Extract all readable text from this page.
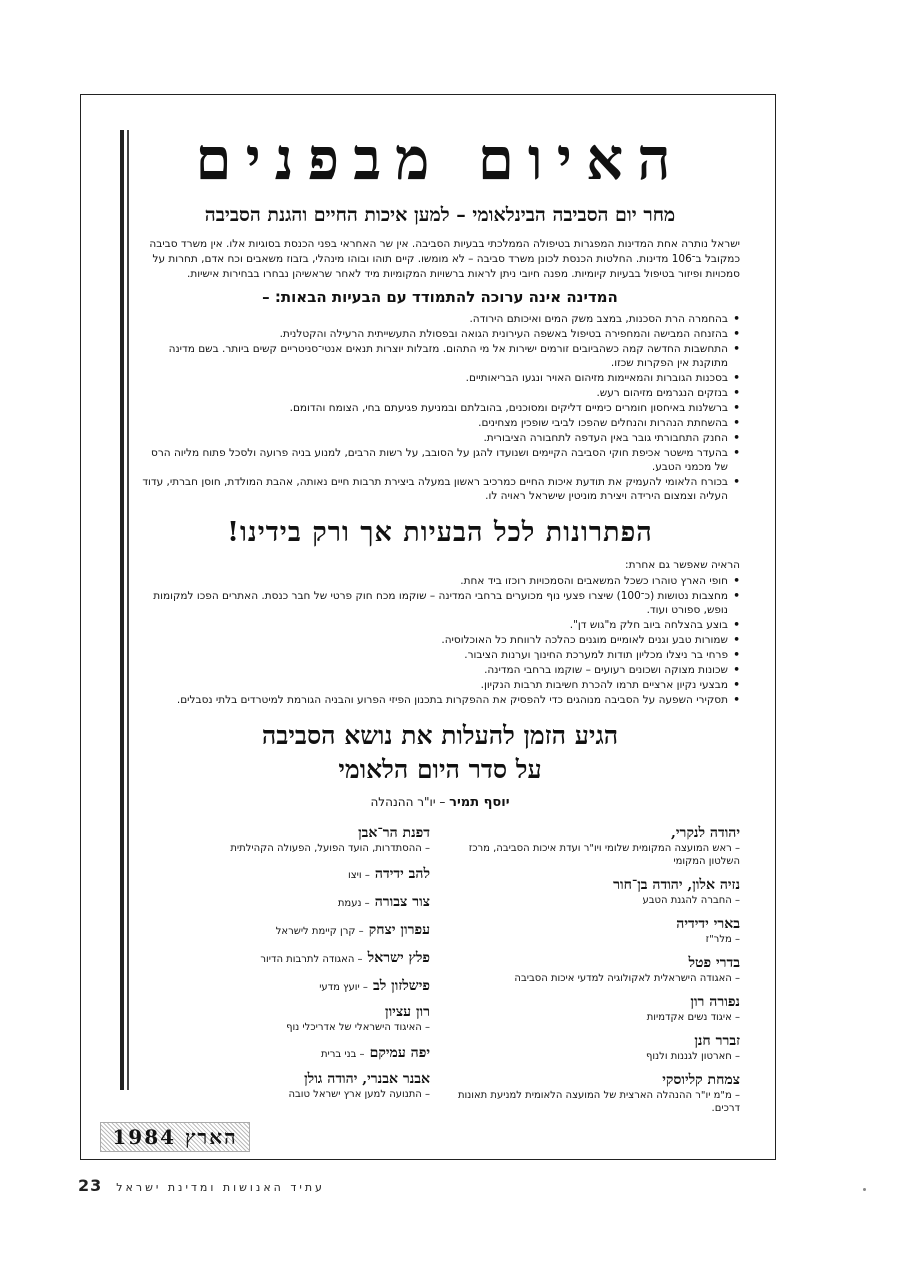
האיום מבפנים
מחר יום הסביבה הבינלאומי – למען איכות החיים והגנת הסביבה

ישראל נותרה אחת המדינות המפגרות בטיפולה הממלכתי בבעיות הסביבה. אין שר האחראי בפני הכנסת בסוגיות אלו. אין משרד סביבה כמקובל ב־106 מדינות. החלטות הכנסת לכונן משרד סביבה – לא מומשו. קיים תוהו ובוהו מינהלי, בזבוז משאבים וכח אדם, תחרות על סמכויות ופיזור בטיפול בבעיות קיומיות. מפנה חיובי ניתן לראות ברשויות המקומיות מיד לאחר שראשיהן נבחרו בבחירות אישיות.

המדינה אינה ערוכה להתמודד עם הבעיות הבאות: –
• בהחמרה הרת הסכנות, במצב משק המים ואיכותם הירודה.
• בהזנחה המבישה והמחפירה בטיפול באשפה העירונית הגואה ובפסולת התעשייתית הרעילה והקטלנית.
• התחשבות החדשה קמה כשהביובים זורמים ישירות אל מי התהום. מזבלות יוצרות תנאים אנטי־סניטריים קשים ביותר. בשם מדינה מתוקנת אין הפקרות שכזו.
• בסכנות הגוברות והמאיימות מזיהום האויר ונגעו הבריאותיים.
• בנזקים הנגרמים מזיהום רעש.
• ברשלנות באיחסון חומרים כימיים דליקים ומסוכנים, בהובלתם ובמניעת פגיעתם בחי, הצומח והדומם.
• בהשחתת הנהרות והנחלים שהפכו לביבי שופכין מצחינים.
• החנק התחבורתי גובר באין העדפה לתחבורה הציבורית.
• בהעדר מישטר אכיפת חוקי הסביבה הקיימים ושנועדו להגן על הסובב, על רשות הרבים, למנוע בניה פרועה ולסכל פתוח מליוה הרס של מכמני הטבע.
• בכורח הלאומי להעמיק את תודעת איכות החיים כמרכיב ראשון במעלה ביצירת תרבות חיים נאותה, אהבת המולדת, חוסן חברתי, עדוד העליה וצמצום הירידה ויצירת מוניטין שישראל ראויה לו.
הפתרונות לכל הבעיות אך ורק בידינו!
הראיה שאפשר גם אחרת:
• חופי הארץ טוהרו כשכל המשאבים והסמכויות רוכזו ביד אחת.
• מחצבות נטושות (כ־100) שיצרו פצעי נוף מכוערים ברחבי המדינה – שוקמו מכח חוק פרטי של חבר כנסת. האתרים הפכו למקומות נופש, ספורט ועוד.
• בוצע בהצלחה ביוב חלק מ"גוש דן".
• שמורות טבע וגנים לאומיים מוגנים כהלכה לרווחת כל האוכלוסיה.
• פרחי בר ניצלו מכליון תודות למערכת החינוך וערנות הציבור.
• שכונות מצוקה ושכונים רעועים – שוקמו ברחבי המדינה.
• מבצעי נקיון ארציים תרמו להכרת חשיבות תרבות הנקיון.
• תסקירי השפעה על הסביבה מנוהגים כדי להפסיק את ההפקרות בתכנון הפיזי הפרוע והבניה הגורמת למיטרדים בלתי נסבלים.
הגיע הזמן להעלות את נושא הסביבה
על סדר היום הלאומי
יוסף תמיר – יו"ר ההנהלה
יהודה לנקרי,
– ראש המועצה המקומית שלומי ויו"ר ועדת איכות הסביבה, מרכז השלטון המקומי
נזיה אלון, יהודה בן־חור
– החברה להגנת הטבע
בארי ידידיה
– מלר"ז
בדרי פטל
– האגודה הישראלית לאקולוגיה למדעי איכות הסביבה
נפורה רון
– איגוד נשים אקדמיות
זברר חנן
– חארטון לגננות ולנוף
צמחת קליוסקי
– מ"מ יו"ר ההנהלה הארצית של המועצה הלאומית למניעת תאונות דרכים.
דפנת הר־אבן
– ההסתדרות, הועד הפועל, הפעולה הקהילתית
להב ידידה – ויצו
צור צבורה – נעמת
עפרון יצחק – קרן קיימת לישראל
פלץ ישראל – האגודה לתרבות הדיור
פישלזון לב – יועץ מדעי
רון עציון
– האיגוד הישראלי של אדריכלי נוף
יפה עמיקם – בני ברית
אבנר אבנרי, יהודה גולן
– התנועה למען ארץ ישראל טובה
הארץ 1984
23 עתיד האנושות ומדינת ישראל
